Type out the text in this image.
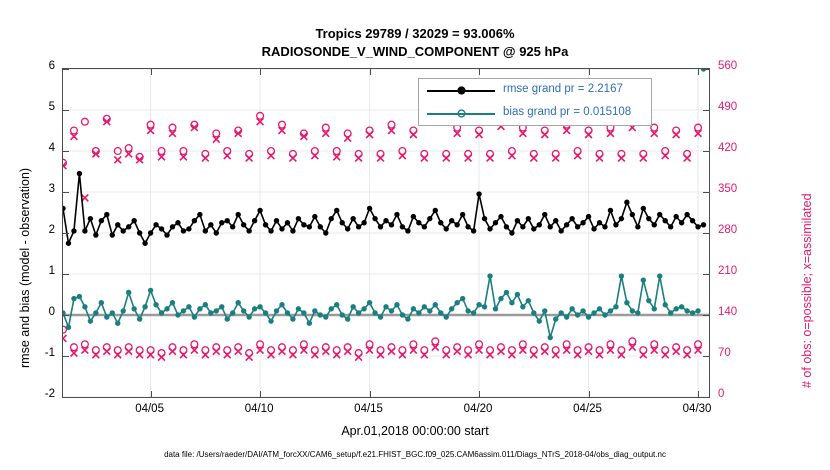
Tropics 29789 / 32029 = 93.006%
RADIOSONDE_V_WIND_COMPONENT @ 925 hPa
rmse and bias (model - observation)	# of obs: o=possible; x=assimilated
04/05	04/10	04/15	04/20	04/25	04/30
-2
-1
0
1
2
3
4
5
6
0
70
140
210
280
350
420
490
560
rmse grand pr = 2.2167
bias grand pr = 0.015108
Apr.01,2018 00:00:00 start
data file: /Users/raeder/DAI/ATM_forcXX/CAM6_setup/f.e21.FHIST_BGC.f09_025.CAM6assim.011/Diags_NTrS_2018-04/obs_diag_output.nc
